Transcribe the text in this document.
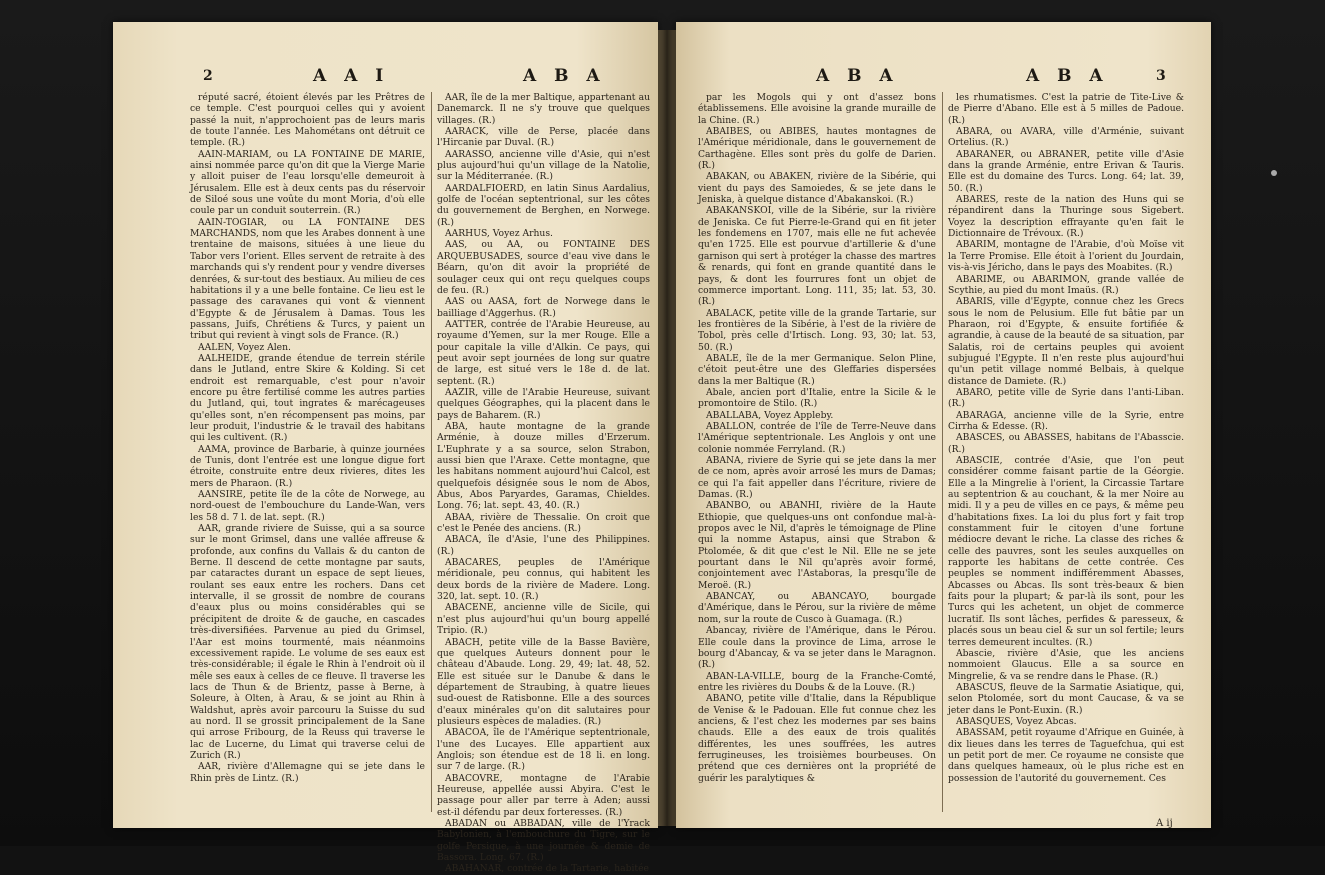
2	A A I	A B A

réputé sacré, étoient élevés par les Prêtres de ce temple. C'est pourquoi celles qui y avoient passé la nuit, n'approchoient pas de leurs maris de toute l'année. Les Mahométans ont détruit ce temple. (R.)

AAIN-MARIAM, ou LA FONTAINE DE MARIE, ainsi nommée parce qu'on dit que la Vierge Marie y alloit puiser de l'eau lorsqu'elle demeuroit à Jérusalem. Elle est à deux cents pas du réservoir de Siloé sous une voûte du mont Moria, d'où elle coule par un conduit souterrein. (R.)

AAIN-TOGIAR, ou LA FONTAINE DES MARCHANDS, nom que les Arabes donnent à une trentaine de maisons, situées à une lieue du Tabor vers l'orient. Elles servent de retraite à des marchands qui s'y rendent pour y vendre diverses denrées, & sur-tout des bestiaux. Au milieu de ces habitations il y a une belle fontaine. Ce lieu est le passage des caravanes qui vont & viennent d'Egypte & de Jérusalem à Damas. Tous les passans, Juifs, Chrétiens & Turcs, y paient un tribut qui revient à vingt sols de France. (R.)

AALEN, Voyez Alen.

AALHEIDE, grande étendue de terrein stérile dans le Jutland, entre Skire & Kolding. Si cet endroit est remarquable, c'est pour n'avoir encore pu être fertilisé comme les autres parties du Jutland, qui, tout ingrates & marécageuses qu'elles sont, n'en récompensent pas moins, par leur produit, l'industrie & le travail des habitans qui les cultivent. (R.)

AAMA, province de Barbarie, à quinze journées de Tunis, dont l'entrée est une longue digue fort étroite, construite entre deux rivieres, dites les mers de Pharaon. (R.)

AANSIRE, petite île de la côte de Norwege, au nord-ouest de l'embouchure du Lande-Wan, vers les 58 d. 7 l. de lat. sept. (R.)

AAR, grande riviere de Suisse, qui a sa source sur le mont Grimsel, dans une vallée affreuse & profonde, aux confins du Vallais & du canton de Berne. Il descend de cette montagne par sauts, par cataractes durant un espace de sept lieues, roulant ses eaux entre les rochers. Dans cet intervalle, il se grossit de nombre de courans d'eaux plus ou moins considérables qui se précipitent de droite & de gauche, en cascades très-diversifiées. Parvenue au pied du Grimsel, l'Aar est moins tourmenté, mais néanmoins excessivement rapide. Le volume de ses eaux est très-considérable; il égale le Rhin à l'endroit où il mêle ses eaux à celles de ce fleuve. Il traverse les lacs de Thun & de Brientz, passe à Berne, à Soleure, à Olten, à Arau, & se joint au Rhin à Waldshut, après avoir parcouru la Suisse du sud au nord. Il se grossit principalement de la Sane qui arrose Fribourg, de la Reuss qui traverse le lac de Lucerne, du Limat qui traverse celui de Zurich (R.)

AAR, rivière d'Allemagne qui se jete dans le Rhin près de Lintz. (R.)

AAR, île de la mer Baltique, appartenant au Danemarck. Il ne s'y trouve que quelques villages. (R.)

AARACK, ville de Perse, placée dans l'Hircanie par Duval. (R.)

AARASSO, ancienne ville d'Asie, qui n'est plus aujourd'hui qu'un village de la Natolie, sur la Méditerranée. (R.)

AARDALFIOERD, en latin Sinus Aardalius, golfe de l'océan septentrional, sur les côtes du gouvernement de Berghen, en Norwege. (R.)

AARHUS, Voyez Arhus.

AAS, ou AA, ou FONTAINE DES ARQUEBUSADES, source d'eau vive dans le Béarn, qu'on dit avoir la propriété de soulager ceux qui ont reçu quelques coups de feu. (R.)

AAS ou AASA, fort de Norwege dans le bailliage d'Aggerhus. (R.)

AATTER, contrée de l'Arabie Heureuse, au royaume d'Yemen, sur la mer Rouge. Elle a pour capitale la ville d'Alkin. Ce pays, qui peut avoir sept journées de long sur quatre de large, est situé vers le 18e d. de lat. septent. (R.)

AAZIR, ville de l'Arabie Heureuse, suivant quelques Géographes, qui la placent dans le pays de Baharem. (R.)

ABA, haute montagne de la grande Arménie, à douze milles d'Erzerum. L'Euphrate y a sa source, selon Strabon, aussi bien que l'Araxe. Cette montagne, que les habitans nomment aujourd'hui Calcol, est quelquefois désignée sous le nom de Abos, Abus, Abos Paryardes, Garamas, Chieldes. Long. 76; lat. sept. 43, 40. (R.)

ABAA, rivière de Thessalie. On croit que c'est le Penée des anciens. (R.)

ABACA, île d'Asie, l'une des Philippines. (R.)

ABACARES, peuples de l'Amérique méridionale, peu connus, qui habitent les deux bords de la rivière de Madere. Long. 320, lat. sept. 10. (R.)

ABACENE, ancienne ville de Sicile, qui n'est plus aujourd'hui qu'un bourg appellé Tripio. (R.)

ABACH, petite ville de la Basse Bavière, que quelques Auteurs donnent pour le château d'Abaude. Long. 29, 49; lat. 48, 52. Elle est située sur le Danube & dans le département de Straubing, à quatre lieues sud-ouest de Ratisbonne. Elle a des sources d'eaux minérales qu'on dit salutaires pour plusieurs espèces de maladies. (R.)

ABACOA, île de l'Amérique septentrionale, l'une des Lucayes. Elle appartient aux Anglois; son étendue est de 18 li. en long. sur 7 de large. (R.)

ABACOVRE, montagne de l'Arabie Heureuse, appellée aussi Abyira. C'est le passage pour aller par terre à Aden; aussi est-il défendu par deux forteresses. (R.)

ABADAN ou ABBADAN, ville de l'Yrack Babylonien, à l'embouchure du Tigre, sur le golfe Persique, à une journée & demie de Bassora. Long. 67. (R.)

ABAHANAR, contrée de la Tartarie, habitée

A B A	A B A	3

par les Mogols qui y ont d'assez bons établissemens. Elle avoisine la grande muraille de la Chine. (R.)

ABAIBES, ou ABIBES, hautes montagnes de l'Amérique méridionale, dans le gouvernement de Carthagène. Elles sont près du golfe de Darien. (R.)

ABAKAN, ou ABAKEN, rivière de la Sibérie, qui vient du pays des Samoiedes, & se jete dans le Jeniska, à quelque distance d'Abakanskoi. (R.)

ABAKANSKOI, ville de la Sibérie, sur la rivière de Jeniska. Ce fut Pierre-le-Grand qui en fit jeter les fondemens en 1707, mais elle ne fut achevée qu'en 1725. Elle est pourvue d'artillerie & d'une garnison qui sert à protéger la chasse des martres & renards, qui font en grande quantité dans le pays, & dont les fourrures font un objet de commerce important. Long. 111, 35; lat. 53, 30. (R.)

ABALACK, petite ville de la grande Tartarie, sur les frontières de la Sibérie, à l'est de la rivière de Tobol, près celle d'Irtisch. Long. 93, 30; lat. 53, 50. (R.)

ABALE, île de la mer Germanique. Selon Pline, c'étoit peut-être une des Gleffaries dispersées dans la mer Baltique (R.)

Abale, ancien port d'Italie, entre la Sicile & le promontoire de Stilo. (R.)

ABALLABA, Voyez Appleby.

ABALLON, contrée de l'île de Terre-Neuve dans l'Amérique septentrionale. Les Anglois y ont une colonie nommée Ferryland. (R.)

ABANA, riviere de Syrie qui se jete dans la mer de ce nom, après avoir arrosé les murs de Damas; ce qui l'a fait appeller dans l'écriture, riviere de Damas. (R.)

ABANBO, ou ABANHI, rivière de la Haute Ethiopie, que quelques-uns ont confondue mal-à-propos avec le Nil, d'après le témoignage de Pline qui la nomme Astapus, ainsi que Strabon & Ptolomée, & dit que c'est le Nil. Elle ne se jete pourtant dans le Nil qu'après avoir formé, conjointement avec l'Astaboras, la presqu'île de Meroë. (R.)

ABANCAY, ou ABANCAYO, bourgade d'Amérique, dans le Pérou, sur la rivière de même nom, sur la route de Cusco à Guamaga. (R.)

Abancay, rivière de l'Amérique, dans le Pérou. Elle coule dans la province de Lima, arrose le bourg d'Abancay, & va se jeter dans le Maragnon. (R.)

ABAN-LA-VILLE, bourg de la Franche-Comté, entre les rivières du Doubs & de la Louve. (R.)

ABANO, petite ville d'Italie, dans la République de Venise & le Padouan. Elle fut connue chez les anciens, & l'est chez les modernes par ses bains chauds. Elle a des eaux de trois qualités différentes, les unes souffrées, les autres ferrugineuses, les troisièmes bourbeuses. On prétend que ces dernières ont la propriété de guérir les paralytiques &

les rhumatismes. C'est la patrie de Tite-Live & de Pierre d'Abano. Elle est à 5 milles de Padoue. (R.)

ABARA, ou AVARA, ville d'Arménie, suivant Ortelius. (R.)

ABARANER, ou ABRANER, petite ville d'Asie dans la grande Arménie, entre Erivan & Tauris. Elle est du domaine des Turcs. Long. 64; lat. 39, 50. (R.)

ABARES, reste de la nation des Huns qui se répandirent dans la Thuringe sous Sigebert. Voyez la description effrayante qu'en fait le Dictionnaire de Trévoux. (R.)

ABARIM, montagne de l'Arabie, d'où Moïse vit la Terre Promise. Elle étoit à l'orient du Jourdain, vis-à-vis Jéricho, dans le pays des Moabites. (R.)

ABARIME, ou ABARIMON, grande vallée de Scythie, au pied du mont Imaüs. (R.)

ABARIS, ville d'Egypte, connue chez les Grecs sous le nom de Pelusium. Elle fut bâtie par un Pharaon, roi d'Egypte, & ensuite fortifiée & agrandie, à cause de la beauté de sa situation, par Salatis, roi de certains peuples qui avoient subjugué l'Egypte. Il n'en reste plus aujourd'hui qu'un petit village nommé Belbais, à quelque distance de Damiete. (R.)

ABARO, petite ville de Syrie dans l'anti-Liban. (R.)

ABARAGA, ancienne ville de la Syrie, entre Cirrha & Edesse. (R).

ABASCES, ou ABASSES, habitans de l'Abasscie. (R.)

ABASCIE, contrée d'Asie, que l'on peut considérer comme faisant partie de la Géorgie. Elle a la Mingrelie à l'orient, la Circassie Tartare au septentrion & au couchant, & la mer Noire au midi. Il y a peu de villes en ce pays, & même peu d'habitations fixes. La loi du plus fort y fait trop constamment fuir le citoyen d'une fortune médiocre devant le riche. La classe des riches & celle des pauvres, sont les seules auxquelles on rapporte les habitans de cette contrée. Ces peuples se nomment indifféremment Abasses, Abcasses ou Abcas. Ils sont très-beaux & bien faits pour la plupart; & par-là ils sont, pour les Turcs qui les achetent, un objet de commerce lucratif. Ils sont lâches, perfides & paresseux, & placés sous un beau ciel & sur un sol fertile; leurs terres demeurent incultes. (R.)

Abascie, rivière d'Asie, que les anciens nommoient Glaucus. Elle a sa source en Mingrelie, & va se rendre dans le Phase. (R.)

ABASCUS, fleuve de la Sarmatie Asiatique, qui, selon Ptolomée, sort du mont Caucase, & va se jeter dans le Pont-Euxin. (R.)

ABASQUES, Voyez Abcas.

ABASSAM, petit royaume d'Afrique en Guinée, à dix lieues dans les terres de Taguefchua, qui est un petit port de mer. Ce royaume ne consiste que dans quelques hameaux, où le plus riche est en possession de l'autorité du gouvernement. Ces

A ij
